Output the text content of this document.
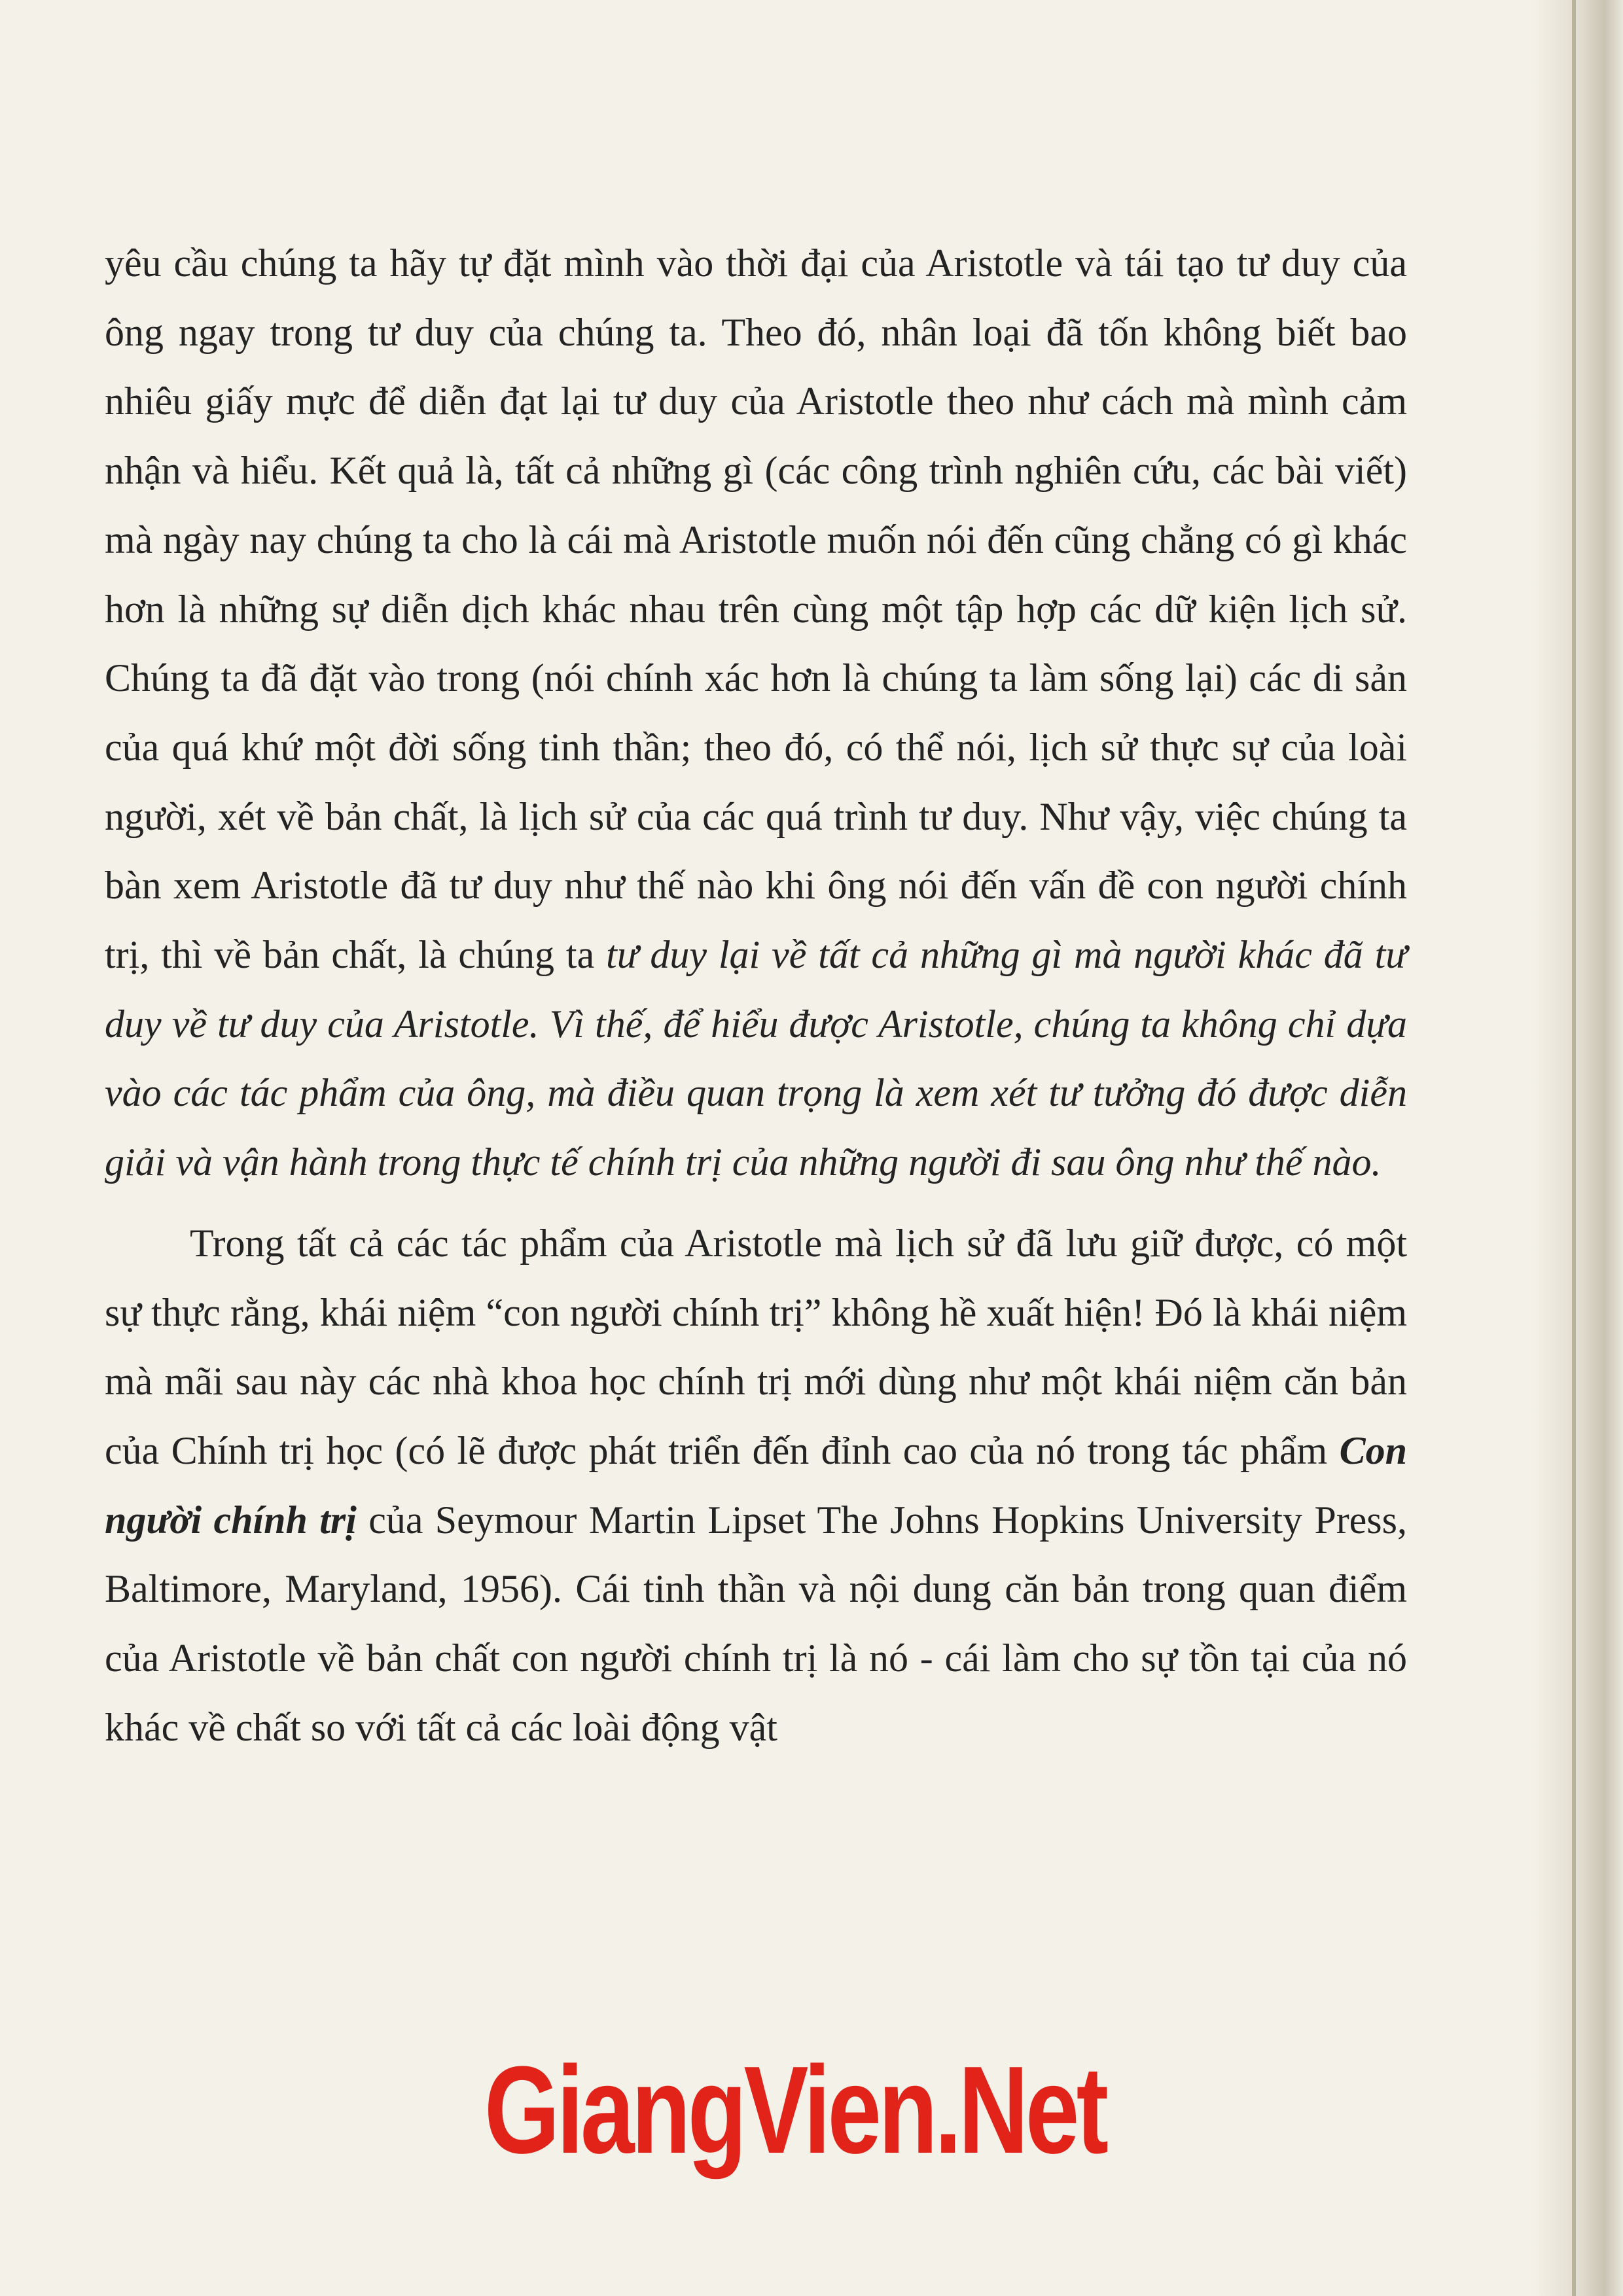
yêu cầu chúng ta hãy tự đặt mình vào thời đại của Aristotle và tái tạo tư duy của ông ngay trong tư duy của chúng ta. Theo đó, nhân loại đã tốn không biết bao nhiêu giấy mực để diễn đạt lại tư duy của Aristotle theo như cách mà mình cảm nhận và hiểu. Kết quả là, tất cả những gì (các công trình nghiên cứu, các bài viết) mà ngày nay chúng ta cho là cái mà Aristotle muốn nói đến cũng chẳng có gì khác hơn là những sự diễn dịch khác nhau trên cùng một tập hợp các dữ kiện lịch sử. Chúng ta đã đặt vào trong (nói chính xác hơn là chúng ta làm sống lại) các di sản của quá khứ một đời sống tinh thần; theo đó, có thể nói, lịch sử thực sự của loài người, xét về bản chất, là lịch sử của các quá trình tư duy. Như vậy, việc chúng ta bàn xem Aristotle đã tư duy như thế nào khi ông nói đến vấn đề con người chính trị, thì về bản chất, là chúng ta tư duy lại về tất cả những gì mà người khác đã tư duy về tư duy của Aristotle. Vì thế, để hiểu được Aristotle, chúng ta không chỉ dựa vào các tác phẩm của ông, mà điều quan trọng là xem xét tư tưởng đó được diễn giải và vận hành trong thực tế chính trị của những người đi sau ông như thế nào.

Trong tất cả các tác phẩm của Aristotle mà lịch sử đã lưu giữ được, có một sự thực rằng, khái niệm “con người chính trị” không hề xuất hiện! Đó là khái niệm mà mãi sau này các nhà khoa học chính trị mới dùng như một khái niệm căn bản của Chính trị học (có lẽ được phát triển đến đỉnh cao của nó trong tác phẩm Con người chính trị của Seymour Martin Lipset The Johns Hopkins University Press, Baltimore, Maryland, 1956). Cái tinh thần và nội dung căn bản trong quan điểm của Aristotle về bản chất con người chính trị là nó - cái làm cho sự tồn tại của nó khác về chất so với tất cả các loài động vật

GiangVien.Net
